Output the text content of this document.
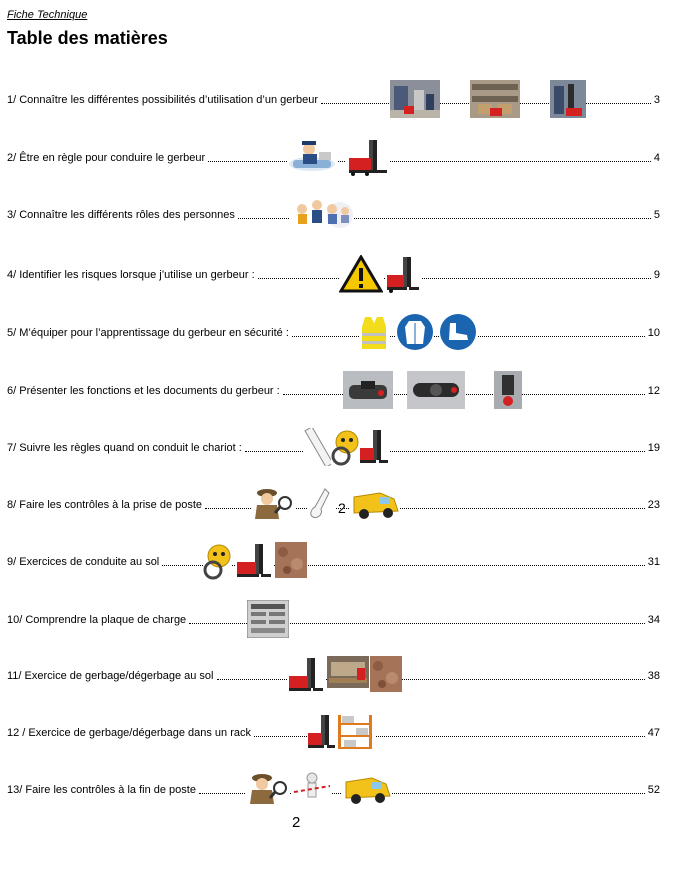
Fiche Technique
Table des matières
1/ Connaître les différentes possibilités d’utilisation d’un gerbeur	3
2/ Être en règle pour conduire le gerbeur	4
3/ Connaître les différents rôles des personnes	5
4/ Identifier les risques lorsque j’utilise un gerbeur :	9
5/ M’équiper pour l’apprentissage du gerbeur en sécurité :	10
6/ Présenter les fonctions et les documents du gerbeur :	12
7/ Suivre les règles quand on conduit le chariot :	19
8/ Faire les contrôles à la prise de poste	23
2
9/ Exercices de conduite au sol	31
10/ Comprendre la plaque de charge	34
11/ Exercice de gerbage/dégerbage au sol	38
12 / Exercice de gerbage/dégerbage dans un rack	47
13/ Faire les contrôles à la fin de poste	52
2
